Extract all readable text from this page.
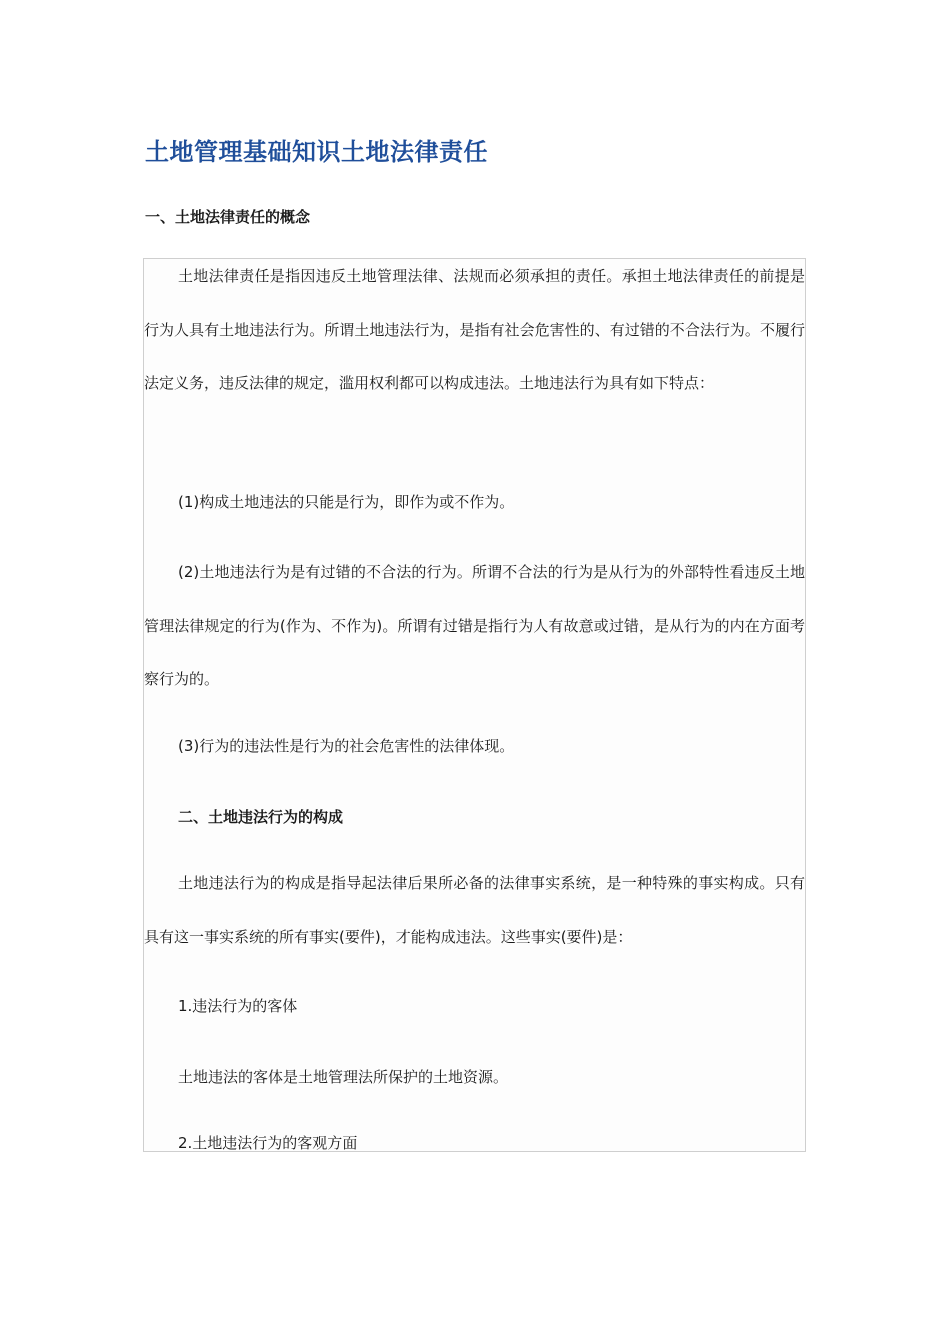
土地管理基础知识土地法律责任
一、土地法律责任的概念

土地法律责任是指因违反土地管理法律、法规而必须承担的责任。承担土地法律责任的前提是行为人具有土地违法行为。所谓土地违法行为，是指有社会危害性的、有过错的不合法行为。不履行法定义务，违反法律的规定，滥用权利都可以构成违法。土地违法行为具有如下特点：

(1)构成土地违法的只能是行为，即作为或不作为。

(2)土地违法行为是有过错的不合法的行为。所谓不合法的行为是从行为的外部特性看违反土地管理法律规定的行为(作为、不作为)。所谓有过错是指行为人有故意或过错，是从行为的内在方面考察行为的。

(3)行为的违法性是行为的社会危害性的法律体现。

二、土地违法行为的构成

土地违法行为的构成是指导起法律后果所必备的法律事实系统，是一种特殊的事实构成。只有具有这一事实系统的所有事实(要件)，才能构成违法。这些事实(要件)是：

1.违法行为的客体

土地违法的客体是土地管理法所保护的土地资源。

2.土地违法行为的客观方面
